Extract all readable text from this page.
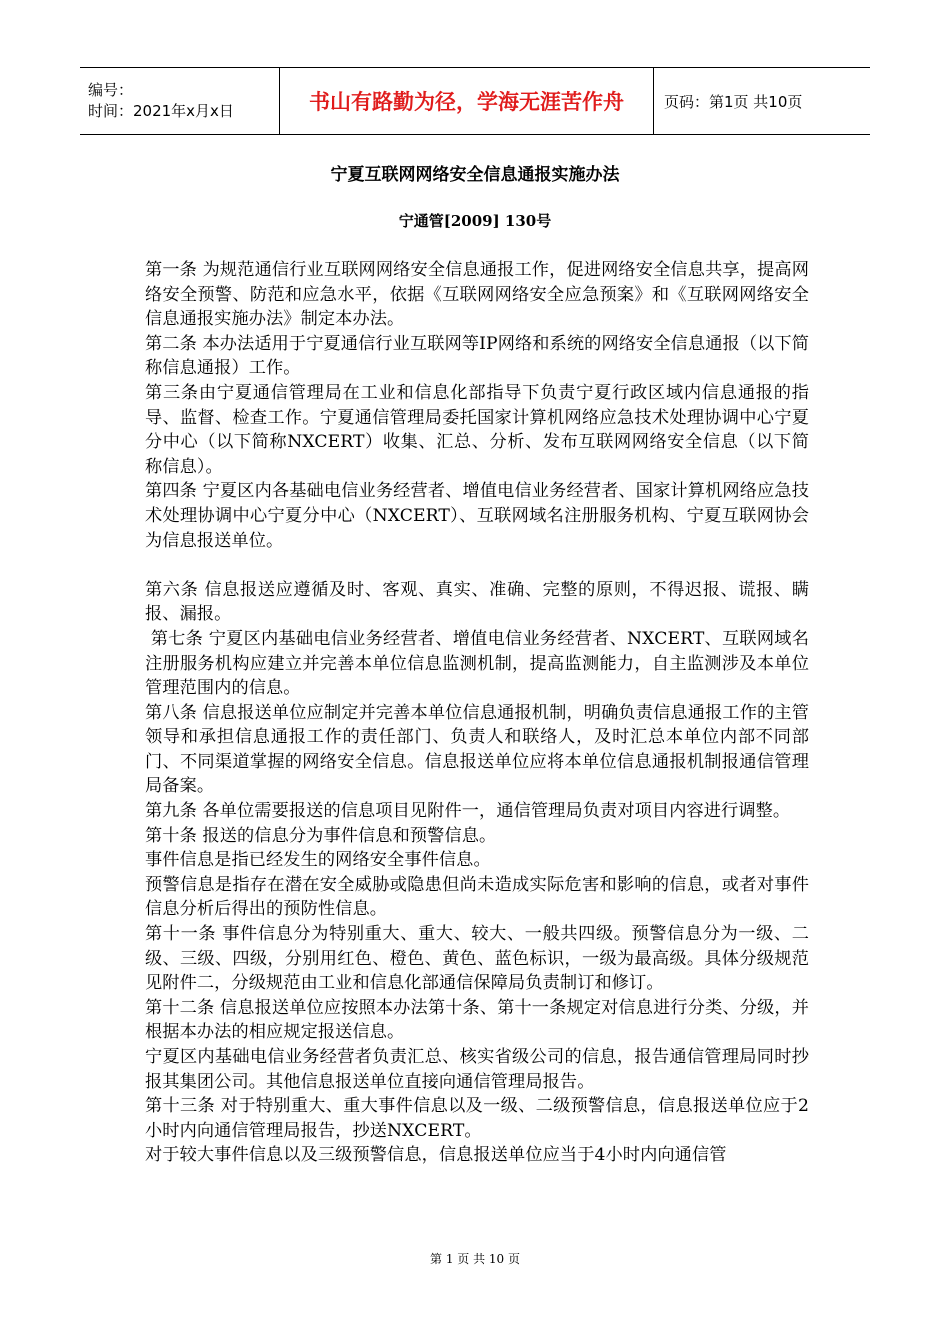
编号：
时间：2021年x月x日	书山有路勤为径，学海无涯苦作舟	页码：第1页 共10页
宁夏互联网网络安全信息通报实施办法
宁通管[2009] 130号

第一条 为规范通信行业互联网网络安全信息通报工作，促进网络安全信息共享，提高网络安全预警、防范和应急水平，依据《互联网网络安全应急预案》和《互联网网络安全信息通报实施办法》制定本办法。

第二条 本办法适用于宁夏通信行业互联网等IP网络和系统的网络安全信息通报（以下简称信息通报）工作。

第三条由宁夏通信管理局在工业和信息化部指导下负责宁夏行政区域内信息通报的指导、监督、检查工作。宁夏通信管理局委托国家计算机网络应急技术处理协调中心宁夏分中心（以下简称NXCERT）收集、汇总、分析、发布互联网网络安全信息（以下简称信息）。

第四条 宁夏区内各基础电信业务经营者、增值电信业务经营者、国家计算机网络应急技术处理协调中心宁夏分中心（NXCERT）、互联网域名注册服务机构、宁夏互联网协会为信息报送单位。

第六条 信息报送应遵循及时、客观、真实、准确、完整的原则，不得迟报、谎报、瞒报、漏报。

第七条 宁夏区内基础电信业务经营者、增值电信业务经营者、NXCERT、互联网域名注册服务机构应建立并完善本单位信息监测机制，提高监测能力，自主监测涉及本单位管理范围内的信息。

第八条 信息报送单位应制定并完善本单位信息通报机制，明确负责信息通报工作的主管领导和承担信息通报工作的责任部门、负责人和联络人，及时汇总本单位内部不同部门、不同渠道掌握的网络安全信息。信息报送单位应将本单位信息通报机制报通信管理局备案。

第九条 各单位需要报送的信息项目见附件一，通信管理局负责对项目内容进行调整。

第十条 报送的信息分为事件信息和预警信息。

事件信息是指已经发生的网络安全事件信息。

预警信息是指存在潜在安全威胁或隐患但尚未造成实际危害和影响的信息，或者对事件信息分析后得出的预防性信息。

第十一条 事件信息分为特别重大、重大、较大、一般共四级。预警信息分为一级、二级、三级、四级，分别用红色、橙色、黄色、蓝色标识，一级为最高级。具体分级规范见附件二，分级规范由工业和信息化部通信保障局负责制订和修订。

第十二条 信息报送单位应按照本办法第十条、第十一条规定对信息进行分类、分级，并根据本办法的相应规定报送信息。

宁夏区内基础电信业务经营者负责汇总、核实省级公司的信息，报告通信管理局同时抄报其集团公司。其他信息报送单位直接向通信管理局报告。

第十三条 对于特别重大、重大事件信息以及一级、二级预警信息，信息报送单位应于2小时内向通信管理局报告，抄送NXCERT。

对于较大事件信息以及三级预警信息，信息报送单位应当于4小时内向通信管

第 1 页 共 10 页
